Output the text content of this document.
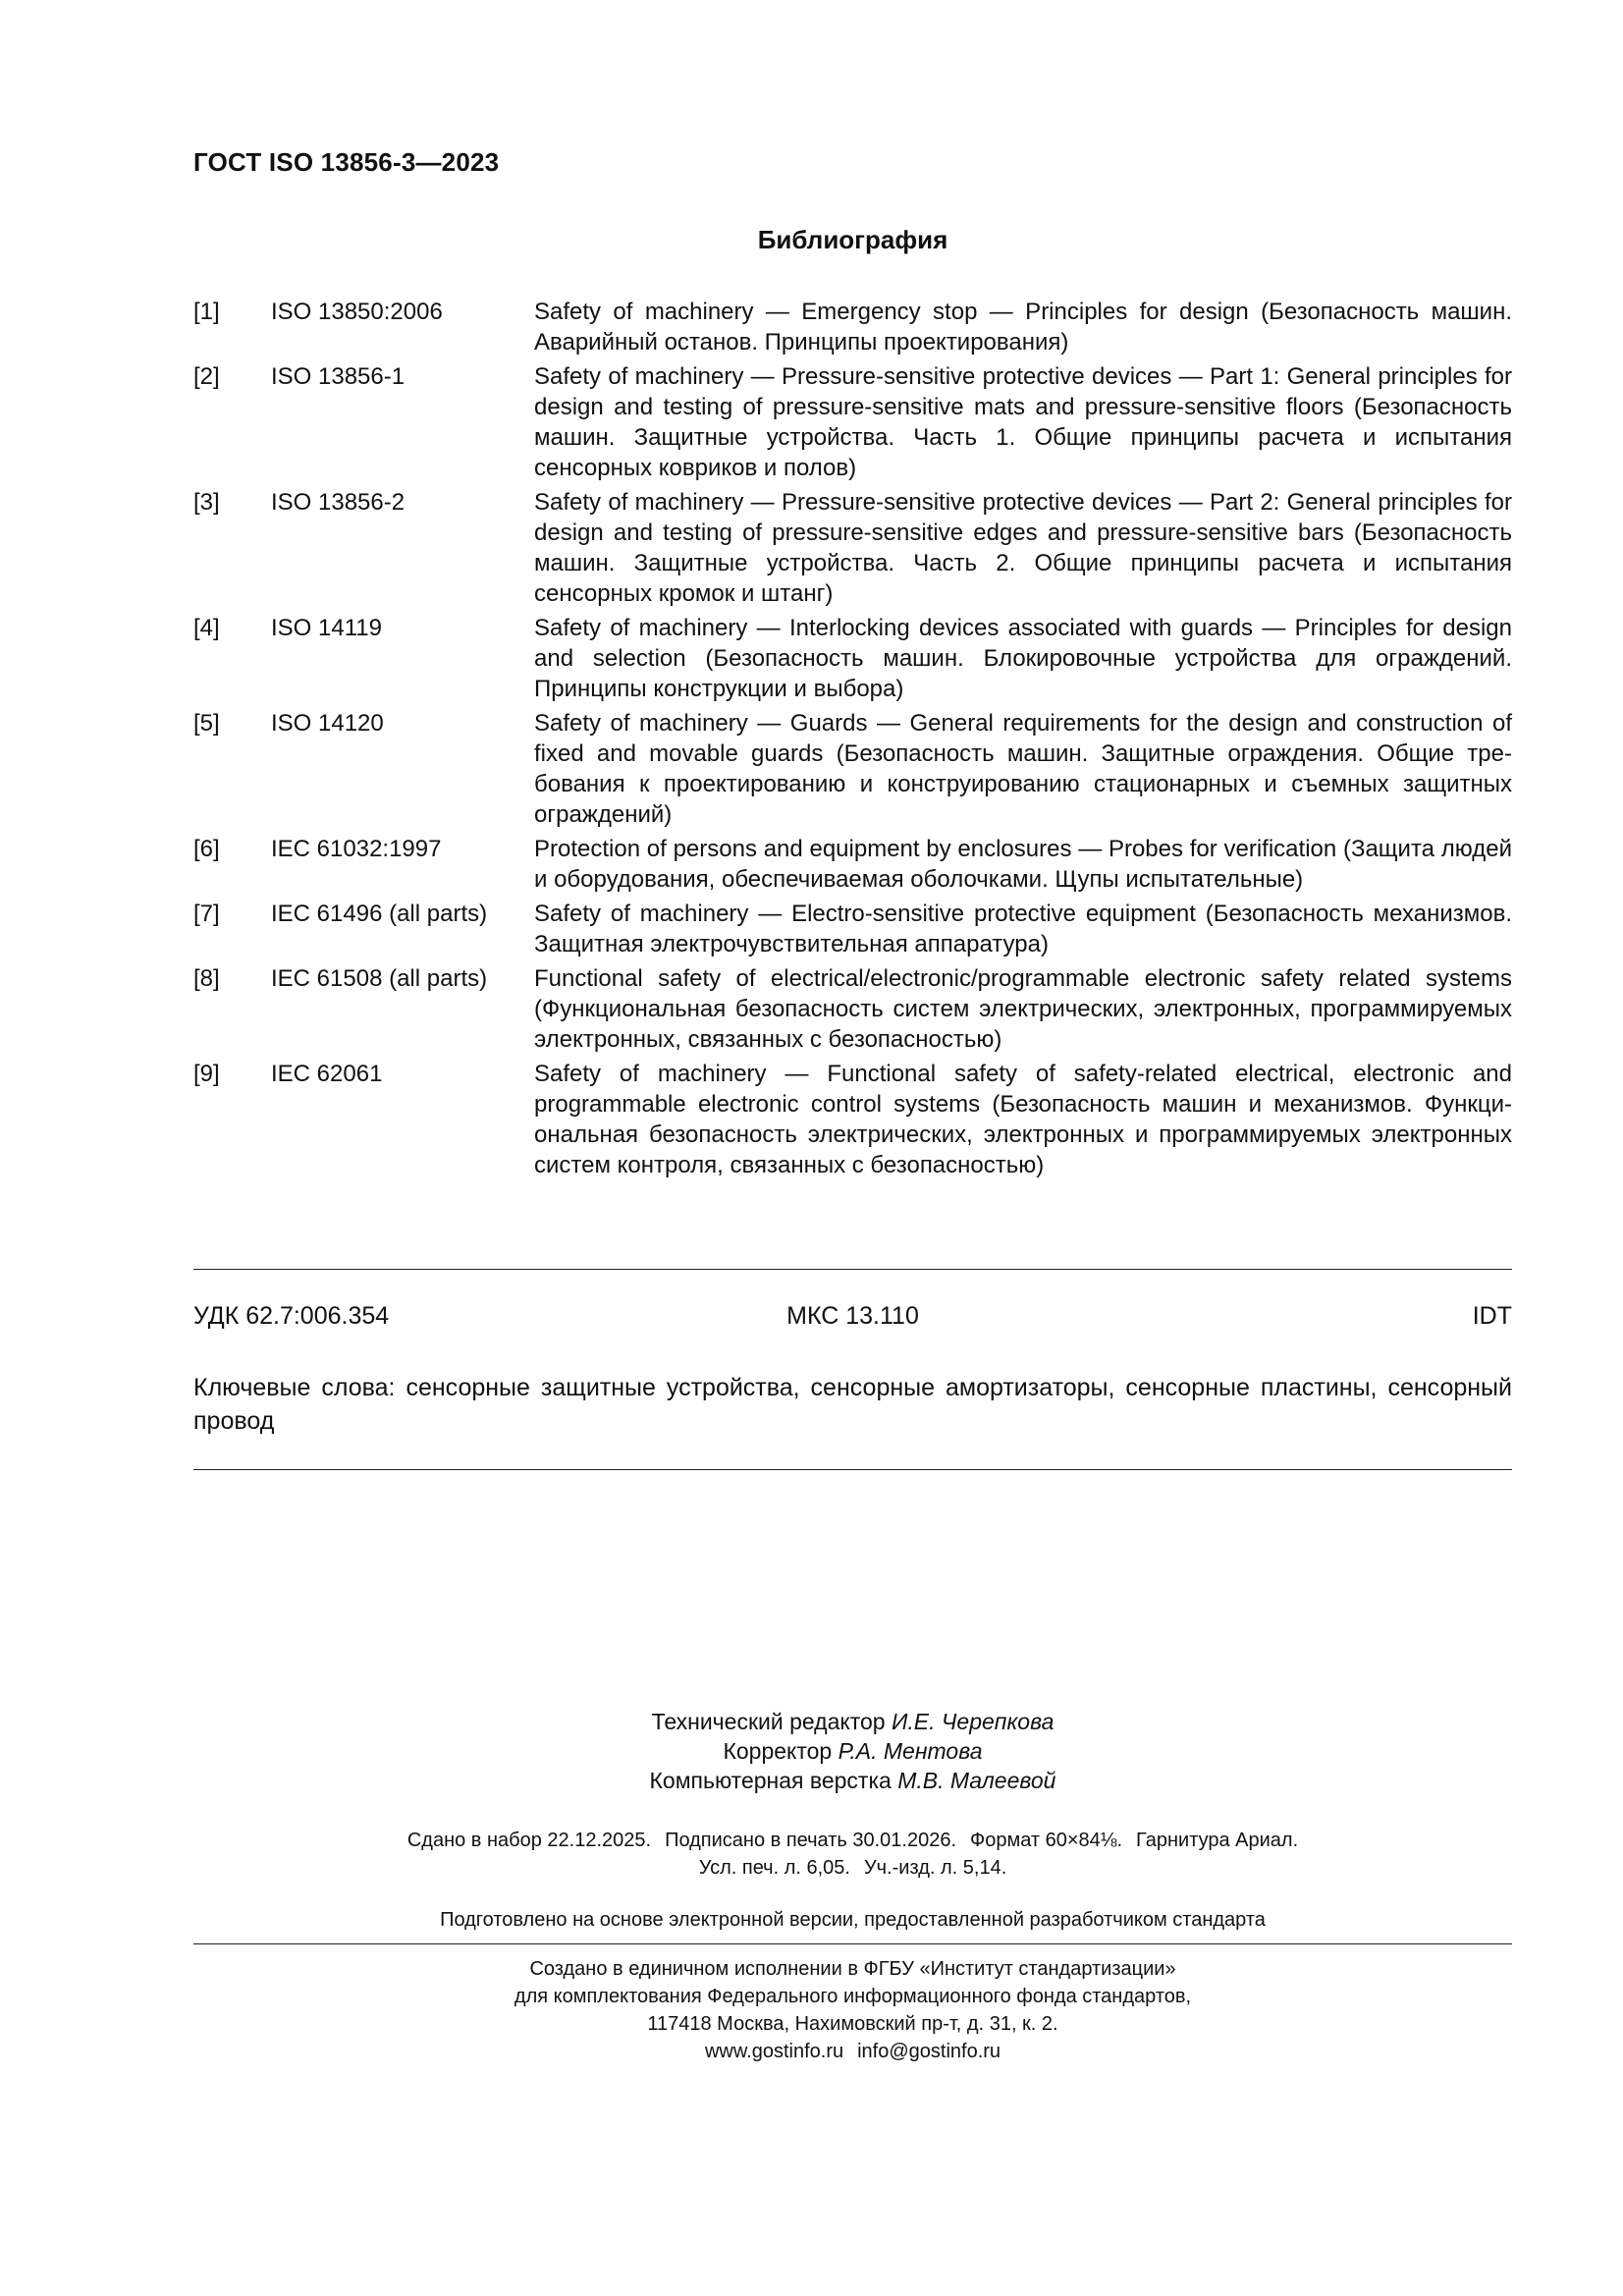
ГОСТ ISO 13856-3—2023
Библиография
[1] ISO 13850:2006	Safety of machinery — Emergency stop — Principles for design (Безопасность машин. Аварийный останов. Принципы проектирования)
[2] ISO 13856-1	Safety of machinery — Pressure-sensitive protective devices — Part 1: General principles for design and testing of pressure-sensitive mats and pressure-sensitive floors (Безопасность машин. Защитные устройства. Часть 1. Общие принципы расчета и испытания сенсорных ковриков и полов)
[3] ISO 13856-2	Safety of machinery — Pressure-sensitive protective devices — Part 2: General principles for design and testing of pressure-sensitive edges and pressure-sensitive bars (Безопасность машин. Защитные устройства. Часть 2. Общие принципы расчета и испытания сенсорных кромок и штанг)
[4] ISO 14119	Safety of machinery — Interlocking devices associated with guards — Principles for design and selection (Безопасность машин. Блокировочные устройства для ограждений. Принципы конструкции и выбора)
[5] ISO 14120	Safety of machinery — Guards — General requirements for the design and construction of fixed and movable guards (Безопасность машин. Защитные ограждения. Общие требования к проектированию и конструированию стационарных и съемных защитных ограждений)
[6] IEC 61032:1997	Protection of persons and equipment by enclosures — Probes for verification (Защита людей и оборудования, обеспечиваемая оболочками. Щупы испытательные)
[7] IEC 61496 (all parts) Safety of machinery — Electro-sensitive protective equipment (Безопасность механизмов. Защитная электрочувствительная аппаратура)
[8] IEC 61508 (all parts) Functional safety of electrical/electronic/programmable electronic safety related systems (Функциональная безопасность систем электрических, электронных, программируемых электронных, связанных с безопасностью)
[9] IEC 62061	Safety of machinery — Functional safety of safety-related electrical, electronic and programmable electronic control systems (Безопасность машин и механизмов. Функциональная безопасность электрических, электронных и программируемых электронных систем контроля, связанных с безопасностью)
УДК 62.7:006.354	МКС 13.110	IDT
Ключевые слова: сенсорные защитные устройства, сенсорные амортизаторы, сенсорные пластины, сенсорный провод
Технический редактор И.Е. Черепкова
Корректор Р.А. Ментова
Компьютерная верстка М.В. Малеевой
Сдано в набор 22.12.2025. Подписано в печать 30.01.2026. Формат 60×84⅛. Гарнитура Ариал.
Усл. печ. л. 6,05. Уч.-изд. л. 5,14.
Подготовлено на основе электронной версии, предоставленной разработчиком стандарта
Создано в единичном исполнении в ФГБУ «Институт стандартизации»
для комплектования Федерального информационного фонда стандартов,
117418 Москва, Нахимовский пр-т, д. 31, к. 2.
www.gostinfo.ru info@gostinfo.ru
